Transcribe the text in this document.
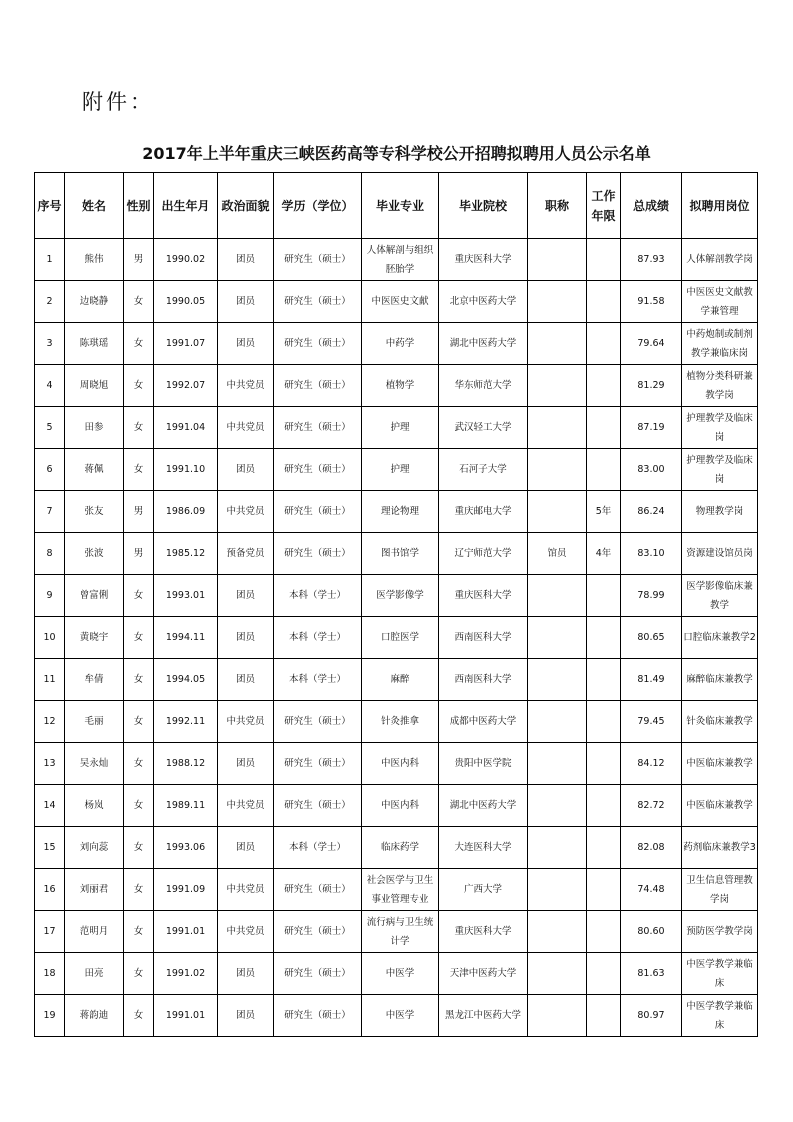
附件：
2017年上半年重庆三峡医药高等专科学校公开招聘拟聘用人员公示名单
序号	姓名	性别	出生年月	政治面貌	学历（学位）	毕业专业	毕业院校	职称	工作年限	总成绩	拟聘用岗位
1	熊伟	男	1990.02	团员	研究生（硕士）	人体解剖与组织胚胎学	重庆医科大学			87.93	人体解剖教学岗
2	边晓静	女	1990.05	团员	研究生（硕士）	中医医史文献	北京中医药大学			91.58	中医医史文献教学兼管理
3	陈琪瑶	女	1991.07	团员	研究生（硕士）	中药学	湖北中医药大学			79.64	中药炮制或制剂教学兼临床岗
4	周晓旭	女	1992.07	中共党员	研究生（硕士）	植物学	华东师范大学			81.29	植物分类科研兼教学岗
5	田参	女	1991.04	中共党员	研究生（硕士）	护理	武汉轻工大学			87.19	护理教学及临床岗
6	蒋佩	女	1991.10	团员	研究生（硕士）	护理	石河子大学			83.00	护理教学及临床岗
7	张友	男	1986.09	中共党员	研究生（硕士）	理论物理	重庆邮电大学		5年	86.24	物理教学岗
8	张波	男	1985.12	预备党员	研究生（硕士）	图书馆学	辽宁师范大学	馆员	4年	83.10	资源建设馆员岗
9	曾富俐	女	1993.01	团员	本科（学士）	医学影像学	重庆医科大学			78.99	医学影像临床兼教学
10	黄晓宇	女	1994.11	团员	本科（学士）	口腔医学	西南医科大学			80.65	口腔临床兼教学2
11	牟倩	女	1994.05	团员	本科（学士）	麻醉	西南医科大学			81.49	麻醉临床兼教学
12	毛丽	女	1992.11	中共党员	研究生（硕士）	针灸推拿	成都中医药大学			79.45	针灸临床兼教学
13	吴永灿	女	1988.12	团员	研究生（硕士）	中医内科	贵阳中医学院			84.12	中医临床兼教学
14	杨岚	女	1989.11	中共党员	研究生（硕士）	中医内科	湖北中医药大学			82.72	中医临床兼教学
15	刘向蕊	女	1993.06	团员	本科（学士）	临床药学	大连医科大学			82.08	药剂临床兼教学3
16	刘丽君	女	1991.09	中共党员	研究生（硕士）	社会医学与卫生事业管理专业	广西大学			74.48	卫生信息管理教学岗
17	范明月	女	1991.01	中共党员	研究生（硕士）	流行病与卫生统计学	重庆医科大学			80.60	预防医学教学岗
18	田亮	女	1991.02	团员	研究生（硕士）	中医学	天津中医药大学			81.63	中医学教学兼临床
19	蒋韵迪	女	1991.01	团员	研究生（硕士）	中医学	黑龙江中医药大学			80.97	中医学教学兼临床
